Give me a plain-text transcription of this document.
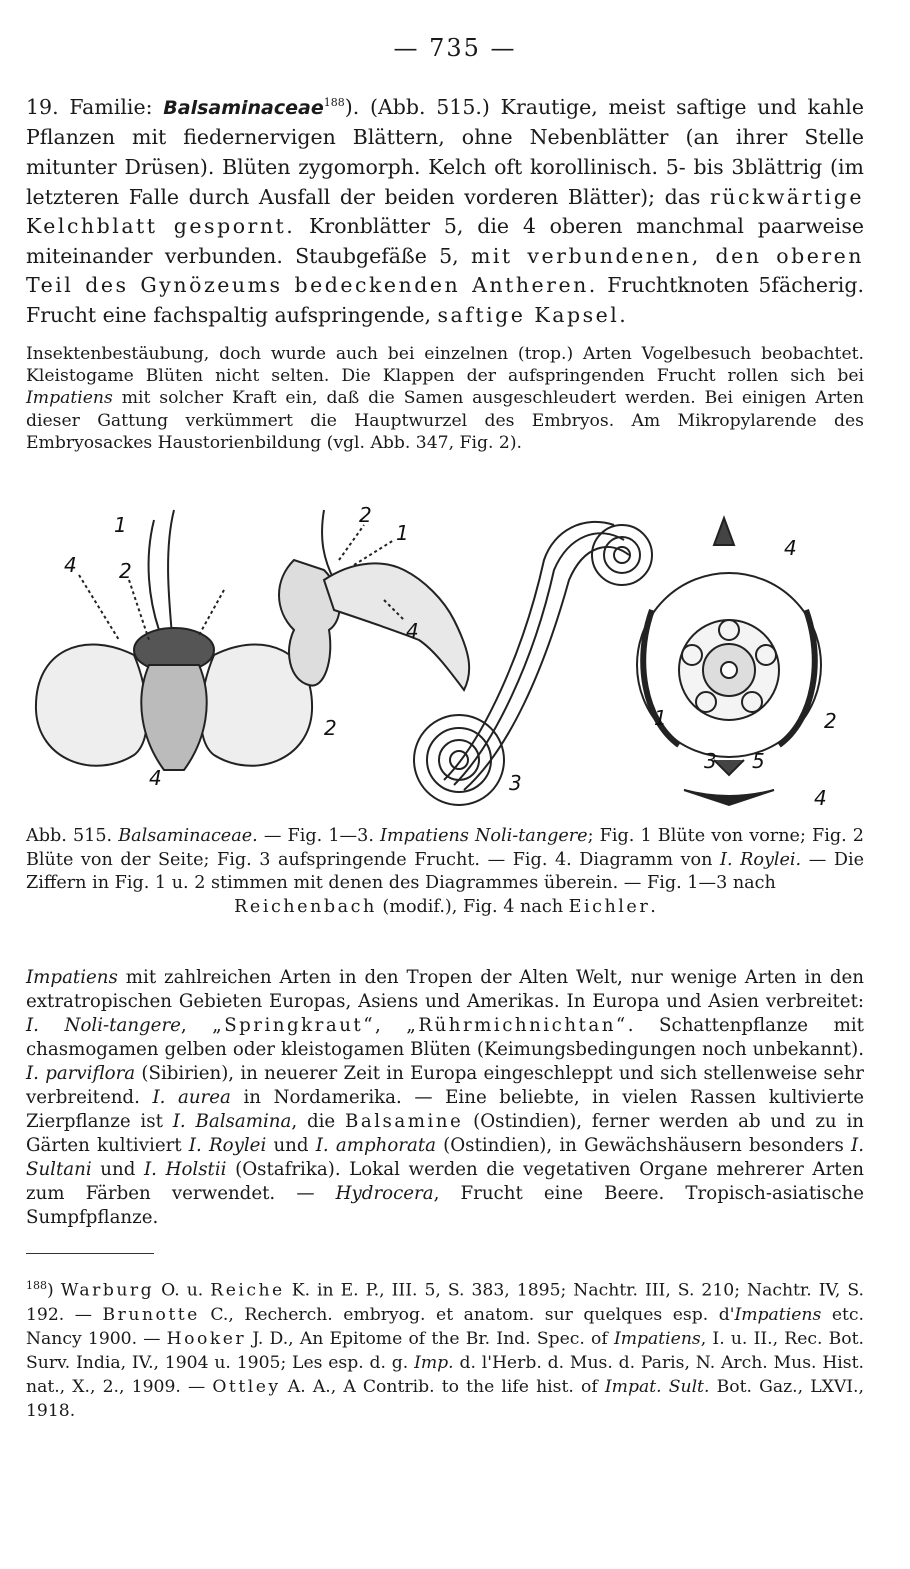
— 735 —

19. Familie: Balsaminaceae$^{188}$). (Abb. 515.) Krautige, meist saftige und kahle Pflanzen mit fiedernervigen Blättern, ohne Nebenblätter (an ihrer Stelle mitunter Drüsen). Blüten zygomorph. Kelch oft korollinisch. 5- bis 3blättrig (im letzteren Falle durch Ausfall der beiden vorderen Blätter); das rückwärtige Kelchblatt gespornt. Kronblätter 5, die 4 oberen manchmal paarweise miteinander verbunden. Staubgefäße 5, mit verbundenen, den oberen Teil des Gynözeums bedeckenden Antheren. Fruchtknoten 5fächerig. Frucht eine fachspaltig aufspringende, saftige Kapsel.

Insektenbestäubung, doch wurde auch bei einzelnen (trop.) Arten Vogelbesuch beobachtet. Kleistogame Blüten nicht selten. Die Klappen der aufspringenden Frucht rollen sich bei Impatiens mit solcher Kraft ein, daß die Samen ausgeschleudert werden. Bei einigen Arten dieser Gattung verkümmert die Hauptwurzel des Embryos. Am Mikropylarende des Embryosackes Haustorienbildung (vgl. Abb. 347, Fig. 2).

1
4 2
4
2
1
4
2
3
4
1	2
3 5
4

Abb. 515. Balsaminaceae. — Fig. 1—3. Impatiens Noli-tangere; Fig. 1 Blüte von vorne; Fig. 2 Blüte von der Seite; Fig. 3 aufspringende Frucht. — Fig. 4. Diagramm von I. Roylei. — Die Ziffern in Fig. 1 u. 2 stimmen mit denen des Diagrammes überein. — Fig. 1—3 nach

Reichenbach (modif.), Fig. 4 nach Eichler.

Impatiens mit zahlreichen Arten in den Tropen der Alten Welt, nur wenige Arten in den extratropischen Gebieten Europas, Asiens und Amerikas. In Europa und Asien verbreitet: I. Noli-tangere, „Springkraut“, „Rührmichnichtan“. Schattenpflanze mit chasmogamen gelben oder kleistogamen Blüten (Keimungsbedingungen noch unbekannt). I. parviflora (Sibirien), in neuerer Zeit in Europa eingeschleppt und sich stellenweise sehr verbreitend. I. aurea in Nordamerika. — Eine beliebte, in vielen Rassen kultivierte Zierpflanze ist I. Balsamina, die Balsamine (Ostindien), ferner werden ab und zu in Gärten kultiviert I. Roylei und I. amphorata (Ostindien), in Gewächshäusern besonders I. Sultani und I. Holstii (Ostafrika). Lokal werden die vegetativen Organe mehrerer Arten zum Färben verwendet. — Hydrocera, Frucht eine Beere. Tropisch-asiatische Sumpfpflanze.

$^{188}$) Warburg O. u. Reiche K. in E. P., III. 5, S. 383, 1895; Nachtr. III, S. 210; Nachtr. IV, S. 192. — Brunotte C., Recherch. embryog. et anatom. sur quelques esp. d'Impatiens etc. Nancy 1900. — Hooker J. D., An Epitome of the Br. Ind. Spec. of Impatiens, I. u. II., Rec. Bot. Surv. India, IV., 1904 u. 1905; Les esp. d. g. Imp. d. l'Herb. d. Mus. d. Paris, N. Arch. Mus. Hist. nat., X., 2., 1909. — Ottley A. A., A Contrib. to the life hist. of Impat. Sult. Bot. Gaz., LXVI., 1918.
